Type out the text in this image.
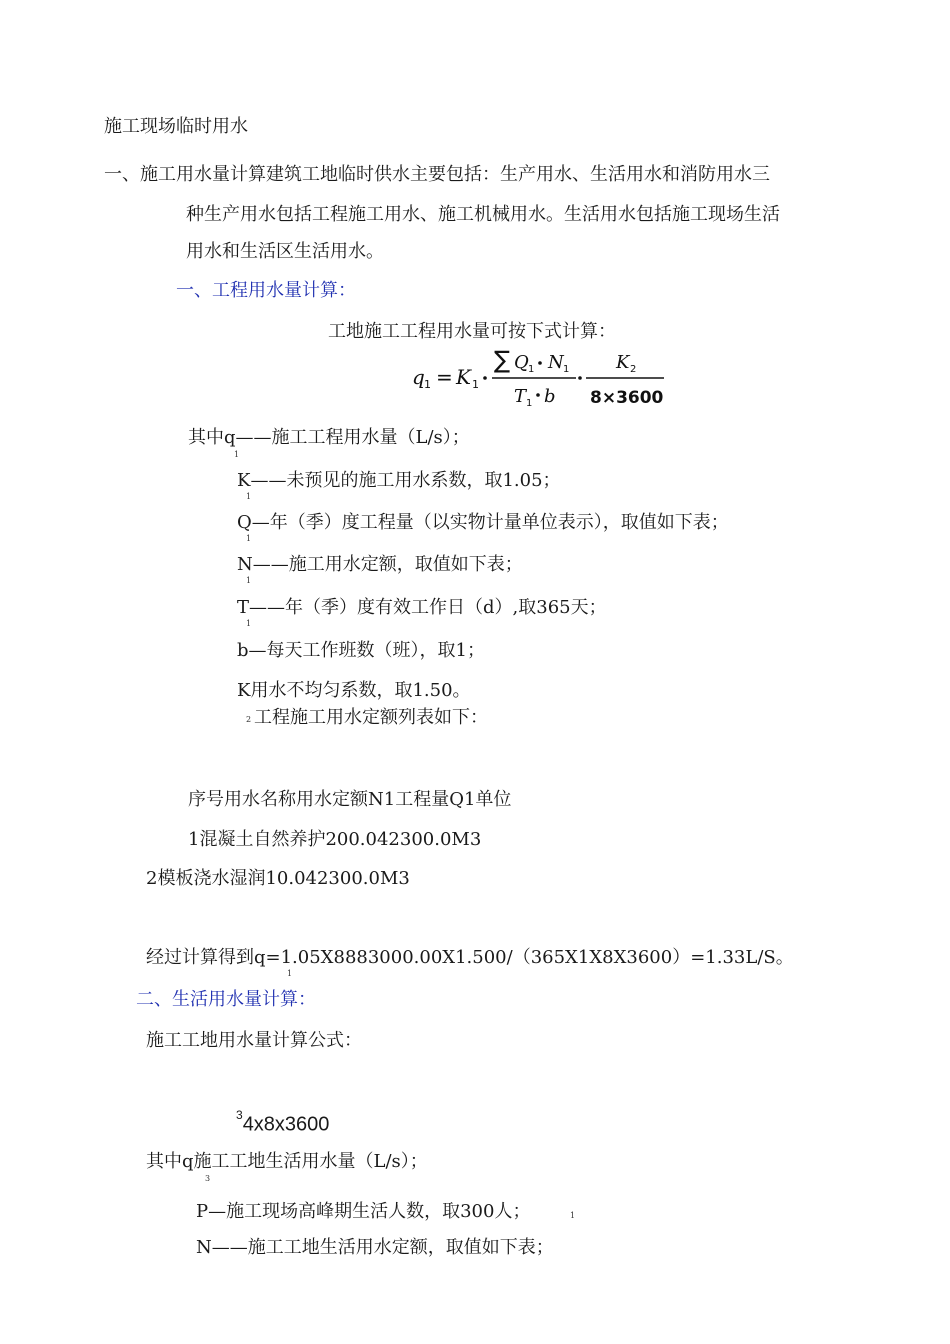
施工现场临时用水
一、施工用水量计算建筑工地临时供水主要包括：生产用水、生活用水和消防用水三
种生产用水包括工程施工用水、施工机械用水。生活用水包括施工现场生活
用水和生活区生活用水。
一、工程用水量计算：
工地施工工程用水量可按下式计算：
q 1 = K 1
∑ Q 1 N 1
T 1 b
K 2
8×3600
其中q——施工工程用水量（L/s）；
1
K——未预见的施工用水系数，取1.05；
1
Q—年（季）度工程量（以实物计量单位表示），取值如下表；
1
N——施工用水定额，取值如下表；
1
T——年（季）度有效工作日（d）,取365天；
1
b—每天工作班数（班），取1；
K用水不均匀系数，取1.50。
2 工程施工用水定额列表如下：
序号用水名称用水定额N1工程量Q1单位
1混凝土自然养护200.042300.0M3
2模板浇水湿润10.042300.0M3
经过计算得到q=1.05X8883000.00X1.500/（365X1X8X3600）=1.33L/S。
1
二、生活用水量计算：
施工工地用水量计算公式：
$^3$4x8x3600
其中q施工工地生活用水量（L/s）；
3
P—施工现场高峰期生活人数，取300人；	1
N——施工工地生活用水定额，取值如下表；
